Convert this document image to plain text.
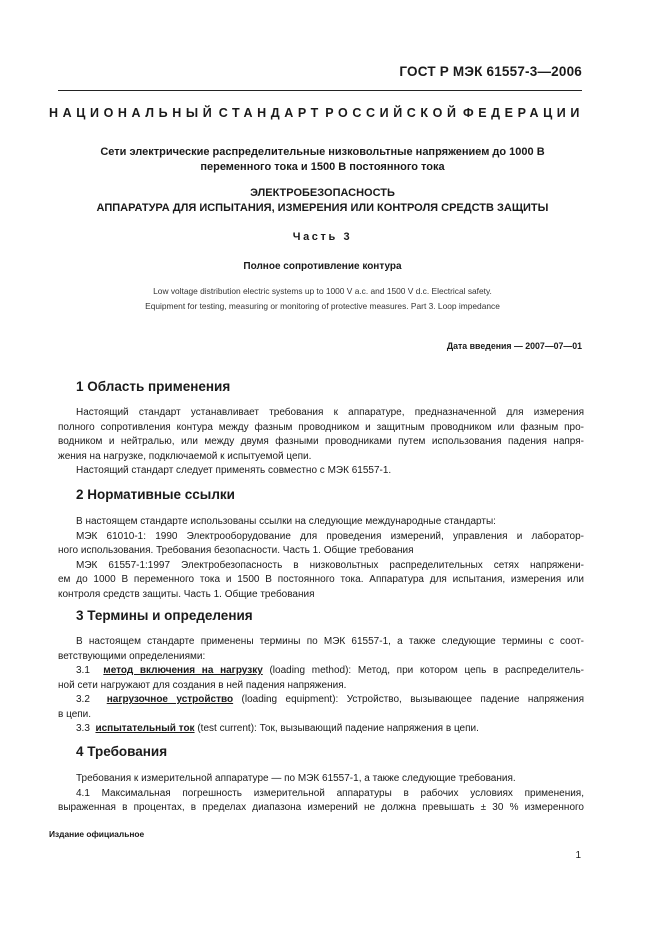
ГОСТ Р МЭК 61557-3—2006
НАЦИОНАЛЬНЫЙ СТАНДАРТ РОССИЙСКОЙ ФЕДЕРАЦИИ
Сети электрические распределительные низковольтные напряжением до 1000 В
переменного тока и 1500 В постоянного тока
ЭЛЕКТРОБЕЗОПАСНОСТЬ
АППАРАТУРА ДЛЯ ИСПЫТАНИЯ, ИЗМЕРЕНИЯ ИЛИ КОНТРОЛЯ СРЕДСТВ ЗАЩИТЫ
Часть 3
Полное сопротивление контура
Low voltage distribution electric systems up to 1000 V a.c. and 1500 V d.c. Electrical safety.
Equipment for testing, measuring or monitoring of protective measures. Part 3. Loop impedance
Дата введения — 2007—07—01
1 Область применения
Настоящий стандарт устанавливает требования к аппаратуре, предназначенной для измерения
полного сопротивления контура между фазным проводником и защитным проводником или фазным про-
водником и нейтралью, или между двумя фазными проводниками путем использования падения напря-
жения на нагрузке, подключаемой к испытуемой цепи.
Настоящий стандарт следует применять совместно с МЭК 61557-1.
2 Нормативные ссылки
В настоящем стандарте использованы ссылки на следующие международные стандарты:
МЭК 61010-1: 1990 Электрооборудование для проведения измерений, управления и лаборатор-
ного использования. Требования безопасности. Часть 1. Общие требования
МЭК 61557-1:1997 Электробезопасность в низковольтных распределительных сетях напряжени-
ем до 1000 В переменного тока и 1500 В постоянного тока. Аппаратура для испытания, измерения или
контроля средств защиты. Часть 1. Общие требования
3 Термины и определения
В настоящем стандарте применены термины по МЭК 61557-1, а также следующие термины с соот-
ветствующими определениями:
3.1 метод включения на нагрузку (loading method): Метод, при котором цепь в распределитель-
ной сети нагружают для создания в ней падения напряжения.
3.2 нагрузочное устройство (loading equipment): Устройство, вызывающее падение напряжения
в цепи.
3.3 испытательный ток (test current): Ток, вызывающий падение напряжения в цепи.
4 Требования
Требования к измерительной аппаратуре — по МЭК 61557-1, а также следующие требования.
4.1 Максимальная погрешность измерительной аппаратуры в рабочих условиях применения,
выраженная в процентах, в пределах диапазона измерений не должна превышать ± 30 % измеренного
Издание официальное
1
